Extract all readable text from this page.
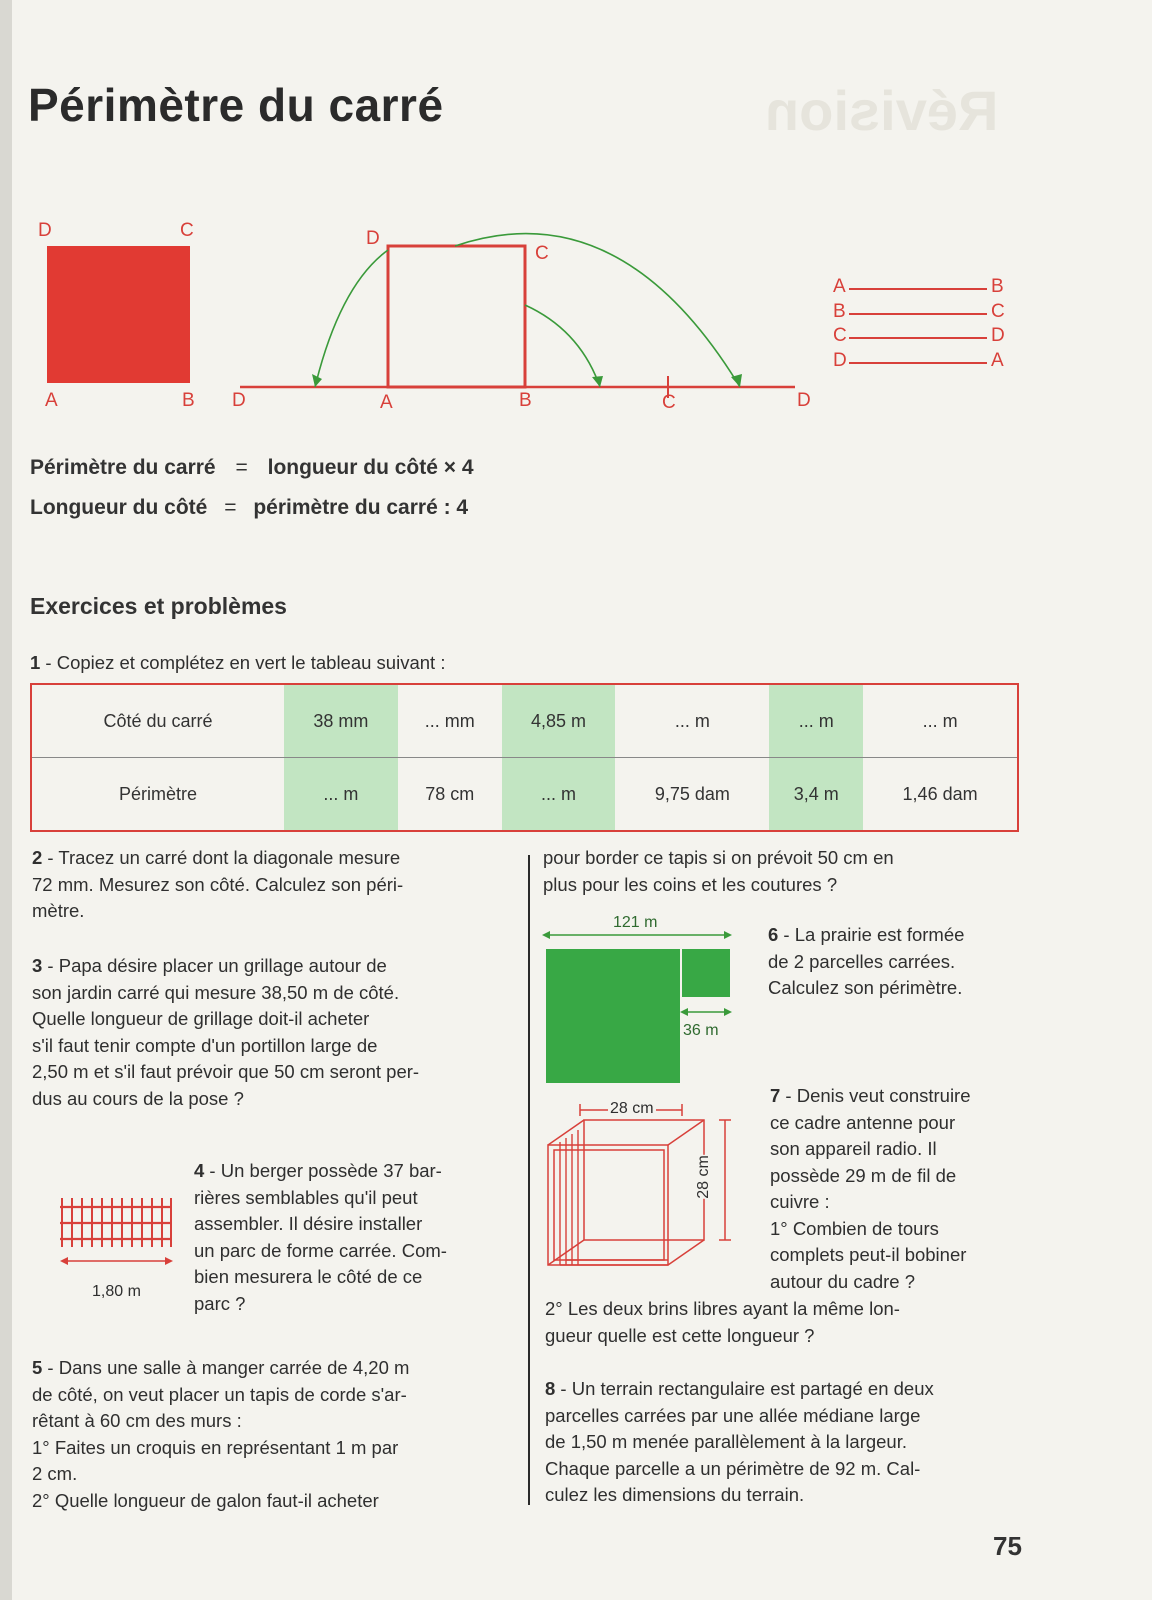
Révision
Périmètre du carré
D	C
A	B D
D
C
A	B	C	D
A	B
B	C
C	D
D	A
Périmètre du carré = longueur du côté × 4
Longueur du côté = périmètre du carré : 4
Exercices et problèmes
1 - Copiez et complétez en vert le tableau suivant :
Côté du carré	38 mm	... mm	4,85 m	... m	... m	... m
Périmètre	... m	78 cm	... m	9,75 dam	3,4 m	1,46 dam
2 - Tracez un carré dont la diagonale mesure
72 mm. Mesurez son côté. Calculez son péri-
mètre.
3 - Papa désire placer un grillage autour de
son jardin carré qui mesure 38,50 m de côté.
Quelle longueur de grillage doit-il acheter
s'il faut tenir compte d'un portillon large de
2,50 m et s'il faut prévoir que 50 cm seront per-
dus au cours de la pose ?
1,80 m
4 - Un berger possède 37 bar-
rières semblables qu'il peut
assembler. Il désire installer
un parc de forme carrée. Com-
bien mesurera le côté de ce
parc ?
5 - Dans une salle à manger carrée de 4,20 m
de côté, on veut placer un tapis de corde s'ar-
rêtant à 60 cm des murs :
1° Faites un croquis en représentant 1 m par
2 cm.
2° Quelle longueur de galon faut-il acheter
pour border ce tapis si on prévoit 50 cm en
plus pour les coins et les coutures ?
121 m
36 m
6 - La prairie est formée
de 2 parcelles carrées.
Calculez son périmètre.
28 cm
28 cm
7 - Denis veut construire
ce cadre antenne pour
son appareil radio. Il
possède 29 m de fil de
cuivre :
1° Combien de tours
complets peut-il bobiner
autour du cadre ?
2° Les deux brins libres ayant la même lon-
gueur quelle est cette longueur ?
8 - Un terrain rectangulaire est partagé en deux
parcelles carrées par une allée médiane large
de 1,50 m menée parallèlement à la largeur.
Chaque parcelle a un périmètre de 92 m. Cal-
culez les dimensions du terrain.
75
